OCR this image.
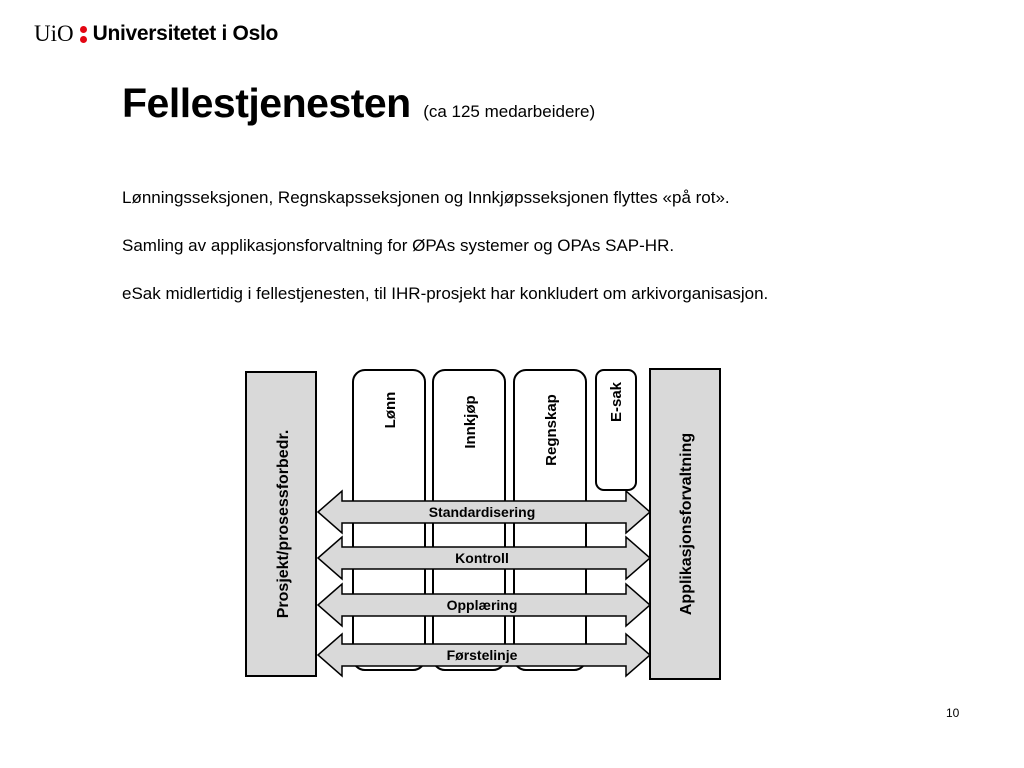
UiO Universitetet i Oslo
Fellestjenesten (ca 125 medarbeidere)
Lønningsseksjonen, Regnskapsseksjonen og Innkjøpsseksjonen flyttes «på rot».
Samling av applikasjonsforvaltning for ØPAs systemer og OPAs SAP-HR.
eSak midlertidig i fellestjenesten, til IHR-prosjekt har konkludert om arkivorganisasjon.
Prosjekt/prosessforbedr.	Applikasjonsforvaltning
Lønn	Innkjøp	Regnskap	E-sak
Standardisering
Kontroll
Opplæring
Førstelinje
10
